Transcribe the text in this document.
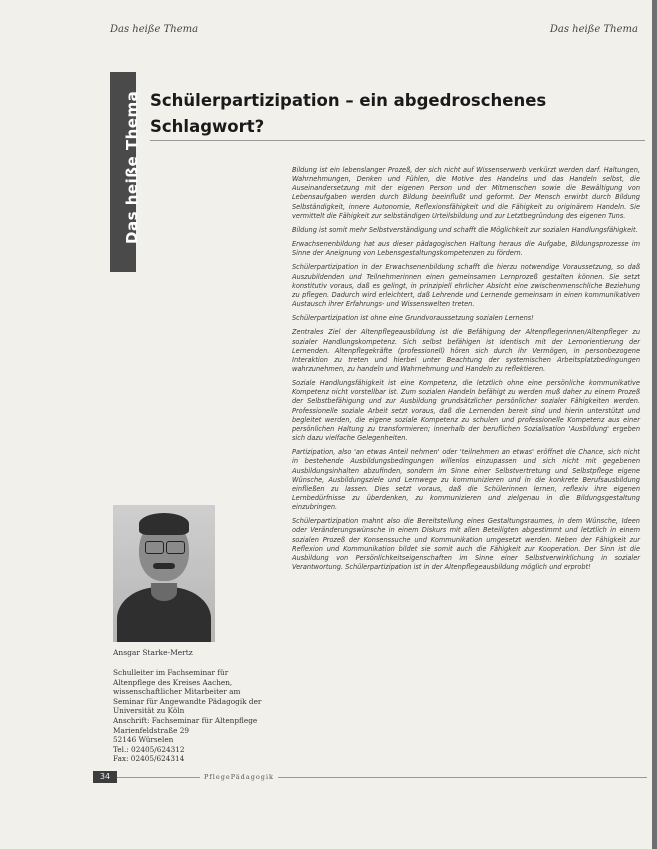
Das heiße Thema	Das heiße Thema
Das heiße Thema Schülerpartizipation – ein abgedroschenes
Schlagwort?

Bildung ist ein lebenslanger Prozeß, der sich nicht auf Wissenserwerb verkürzt werden darf. Haltungen, Wahrnehmungen, Denken und Fühlen, die Motive des Handelns und das Handeln selbst, die Auseinandersetzung mit der eigenen Person und der Mitmenschen sowie die Bewältigung von Lebensaufgaben werden durch Bildung beeinflußt und geformt. Der Mensch erwirbt durch Bildung Selbständigkeit, innere Autonomie, Reflexionsfähigkeit und die Fähigkeit zu originärem Handeln. Sie vermittelt die Fähigkeit zur selbständigen Urteilsbildung und zur Letztbegründung des eigenen Tuns.

Bildung ist somit mehr Selbstverständigung und schafft die Möglichkeit zur sozialen Handlungsfähigkeit.

Erwachsenenbildung hat aus dieser pädagogischen Haltung heraus die Aufgabe, Bildungsprozesse im Sinne der Aneignung von Lebensgestaltungskompetenzen zu fördern.

Schülerpartizipation in der Erwachsenenbildung schafft die hierzu notwendige Voraussetzung, so daß Auszubildenden und Teilnehmerinnen einen gemeinsamen Lernprozeß gestalten können. Sie setzt konstitutiv voraus, daß es gelingt, in prinzipiell ehrlicher Absicht eine zwischenmenschliche Beziehung zu pflegen. Dadurch wird erleichtert, daß Lehrende und Lernende gemeinsam in einen kommunikativen Austausch ihrer Erfahrungs- und Wissenswelten treten.

Schülerpartizipation ist ohne eine Grundvoraussetzung sozialen Lernens!

Zentrales Ziel der Altenpflegeausbildung ist die Befähigung der Altenpflegerinnen/Altenpfleger zu sozialer Handlungskompetenz. Sich selbst befähigen ist identisch mit der Lernorientierung der Lernenden. Altenpflegekräfte (professionell) hören sich durch ihr Vermögen, in personbezogene Interaktion zu treten und hierbei unter Beachtung der systemischen Arbeitsplatzbedingungen wahrzunehmen, zu handeln und Wahrnehmung und Handeln zu reflektieren.

Soziale Handlungsfähigkeit ist eine Kompetenz, die letztlich ohne eine persönliche kommunikative Kompetenz nicht vorstellbar ist. Zum sozialen Handeln befähigt zu werden muß daher zu einem Prozeß der Selbstbefähigung und zur Ausbildung grundsätzlicher persönlicher sozialer Fähigkeiten werden. Professionelle soziale Arbeit setzt voraus, daß die Lernenden bereit sind und hierin unterstützt und begleitet werden, die eigene soziale Kompetenz zu schulen und professionelle Kompetenz aus einer persönlichen Haltung zu transformieren; innerhalb der beruflichen Sozialisation 'Ausbildung' ergeben sich dazu vielfache Gelegenheiten.

Partizipation, also 'an etwas Anteil nehmen' oder 'teilnehmen an etwas' eröffnet die Chance, sich nicht in bestehende Ausbildungsbedingungen willenlos einzupassen und sich nicht mit gegebenen Ausbildungsinhalten abzufinden, sondern im Sinne einer Selbstvertretung und Selbstpflege eigene Wünsche, Ausbildungsziele und Lernwege zu kommunizieren und in die konkrete Berufsausbildung einfließen zu lassen. Dies setzt voraus, daß die Schülerinnen lernen, reflexiv ihre eigenen Lernbedürfnisse zu überdenken, zu kommunizieren und zielgenau in die Bildungsgestaltung einzubringen.

Schülerpartizipation mahnt also die Bereitstellung eines Gestaltungsraumes, in dem Wünsche, Ideen oder Veränderungswünsche in einem Diskurs mit allen Beteiligten abgestimmt und letztlich in einem sozialen Prozeß der Konsenssuche und Kommunikation umgesetzt werden. Neben der Fähigkeit zur Reflexion und Kommunikation bildet sie somit auch die Fähigkeit zur Kooperation. Der Sinn ist die Ausbildung von Persönlichkeitseigenschaften im Sinne einer Selbstverwirklichung in sozialer Verantwortung. Schülerpartizipation ist in der Altenpflegeausbildung möglich und erprobt!

Ansgar Starke-Mertz
Schulleiter im Fachseminar für Altenpflege des Kreises Aachen, wissenschaftlicher Mitarbeiter am Seminar für Angewandte Pädagogik der Universität zu Köln
Anschrift: Fachseminar für Altenpflege
Marienfeldstraße 29
52146 Würselen
Tel.: 02405/624312
Fax: 02405/624314
34	PflegePädagogik
